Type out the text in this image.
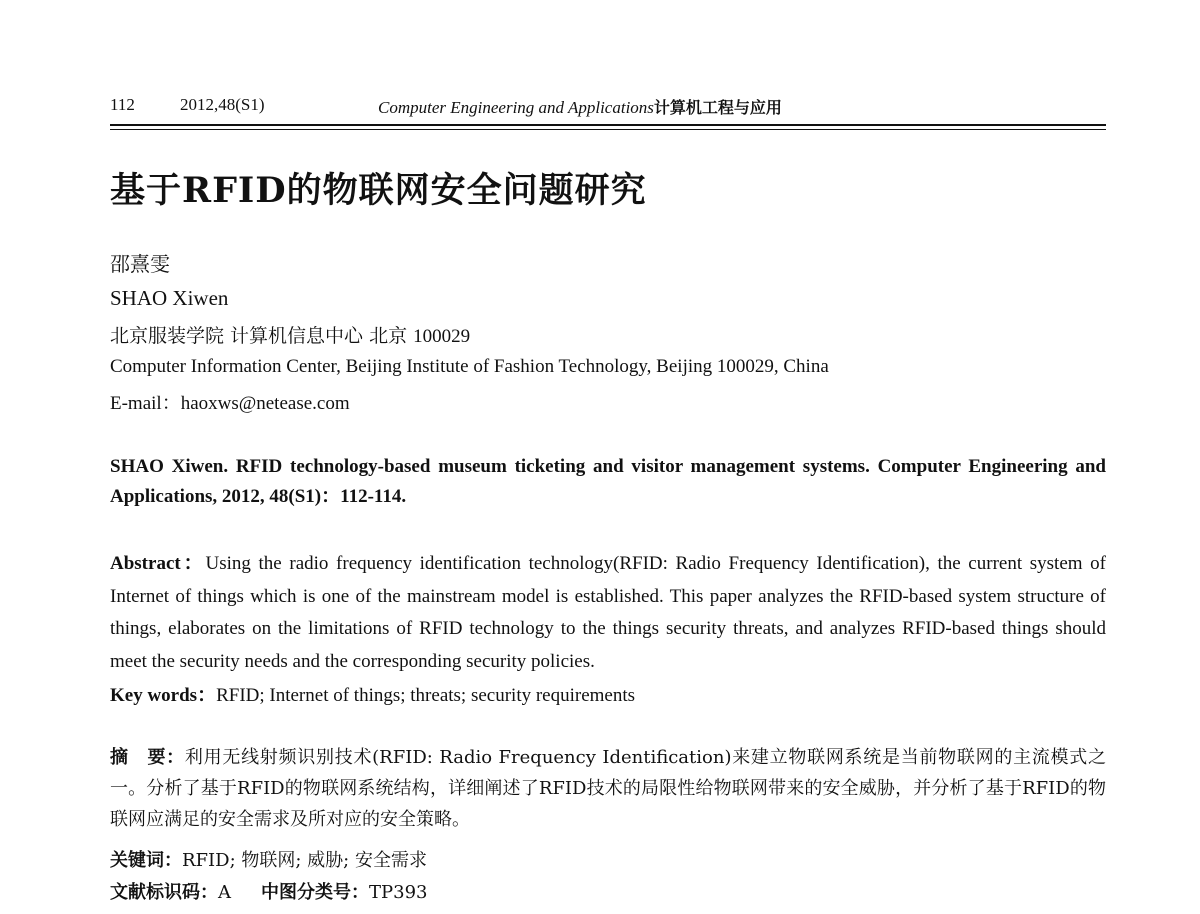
112	2012,48(S1)	Computer Engineering and Applications计算机工程与应用
基于RFID的物联网安全问题研究
邵熹雯
SHAO Xiwen
北京服装学院 计算机信息中心 北京 100029
Computer Information Center, Beijing Institute of Fashion Technology, Beijing 100029, China
E-mail：haoxws@netease.com
SHAO Xiwen. RFID technology-based museum ticketing and visitor management systems. Computer Engineering and Applications, 2012, 48(S1)：112-114.
Abstract：Using the radio frequency identification technology(RFID: Radio Frequency Identification), the current system of Internet of things which is one of the mainstream model is established. This paper analyzes the RFID-based system structure of things, elaborates on the limitations of RFID technology to the things security threats, and analyzes RFID-based things should meet the security needs and the corresponding security policies.
Key words：RFID; Internet of things; threats; security requirements
摘　要：利用无线射频识别技术(RFID: Radio Frequency Identification)来建立物联网系统是当前物联网的主流模式之一。分析了基于RFID的物联网系统结构，详细阐述了RFID技术的局限性给物联网带来的安全威胁，并分析了基于RFID的物联网应满足的安全需求及所对应的安全策略。
关键词：RFID; 物联网; 威胁; 安全需求
文献标识码：A 中图分类号：TP393
